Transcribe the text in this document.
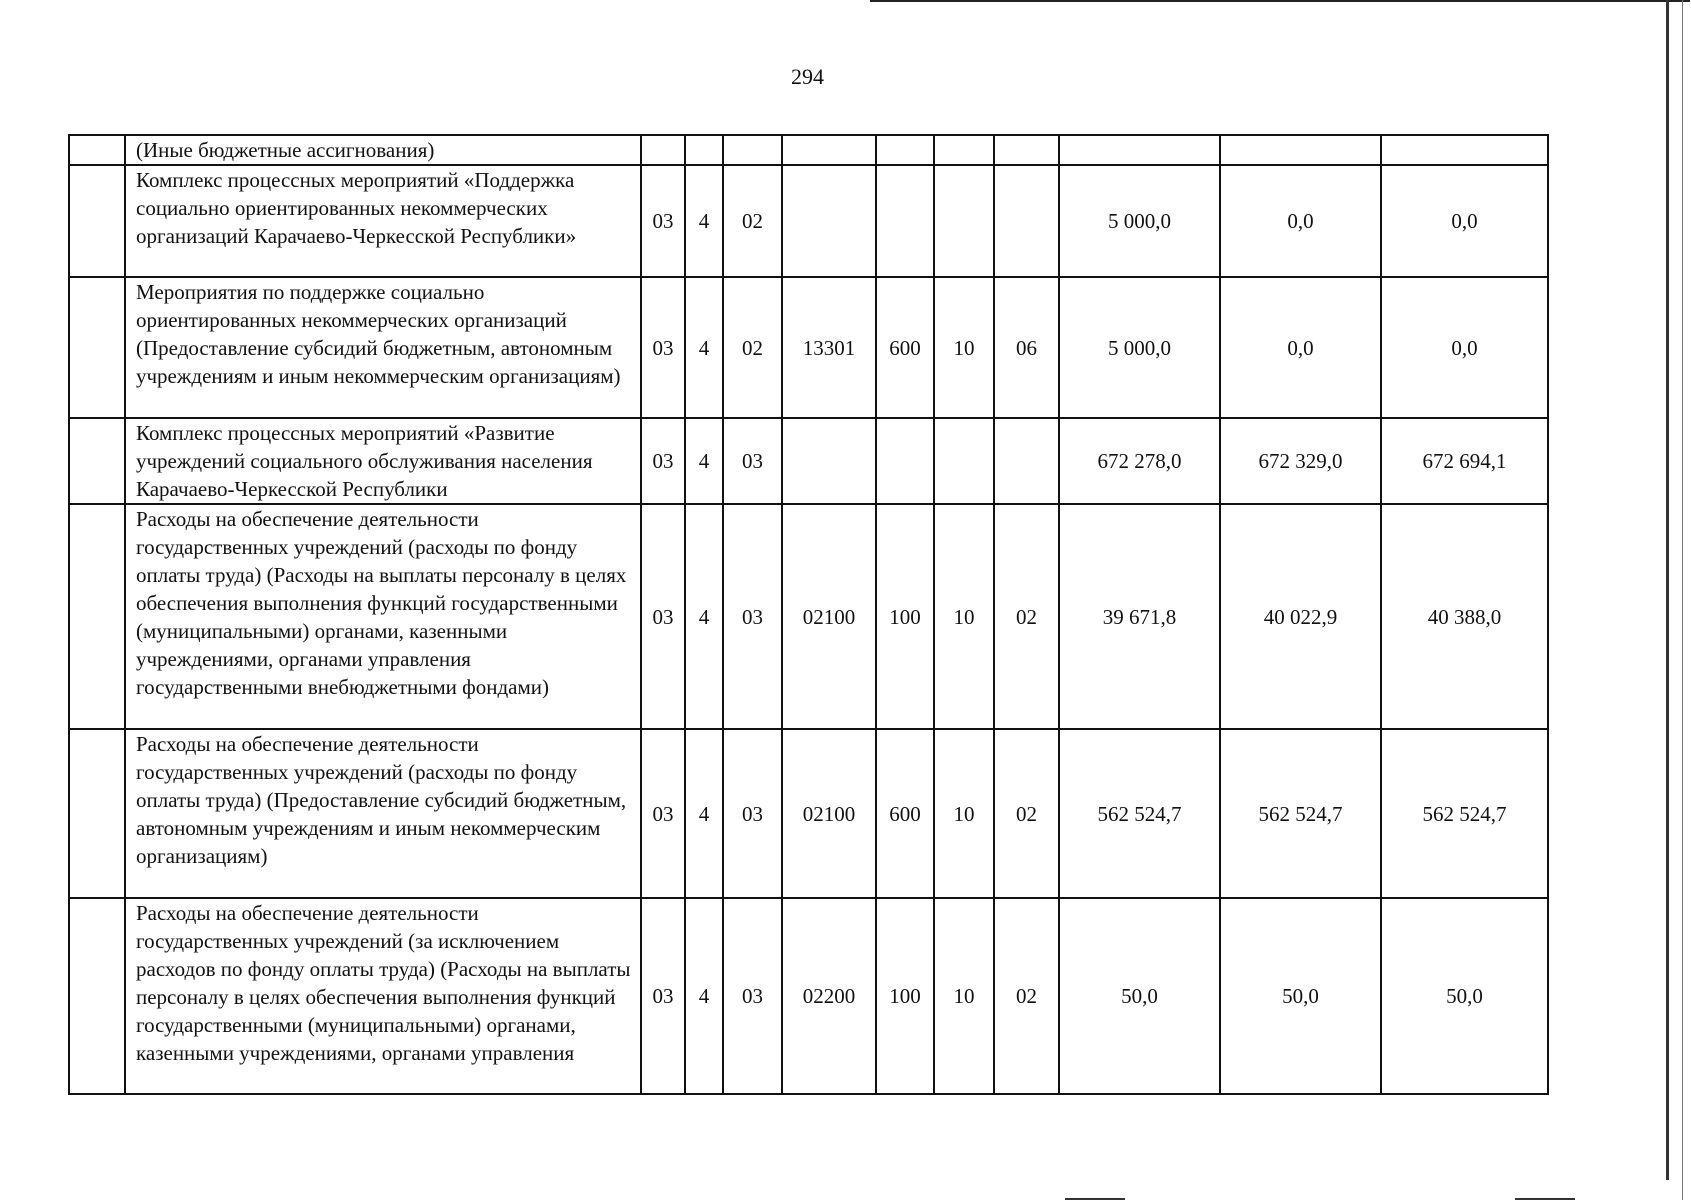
294
	(Иные бюджетные ассигнования)										
	Комплекс процессных мероприятий «Поддержка социально ориентированных некоммерческих организаций Карачаево-Черкесской Республики»	03	4	02					5 000,0	0,0	0,0
	Мероприятия по поддержке социально ориентированных некоммерческих организаций (Предоставление субсидий бюджетным, автономным учреждениям и иным некоммерческим организациям)	03	4	02	13301	600	10	06	5 000,0	0,0	0,0
	Комплекс процессных мероприятий «Развитие учреждений социального обслуживания населения Карачаево-Черкесской Республики	03	4	03					672 278,0	672 329,0	672 694,1
	Расходы на обеспечение деятельности государственных учреждений (расходы по фонду оплаты труда) (Расходы на выплаты персоналу в целях обеспечения выполнения функций государственными (муниципальными) органами, казенными учреждениями, органами управления государственными внебюджетными фондами)	03	4	03	02100	100	10	02	39 671,8	40 022,9	40 388,0
	Расходы на обеспечение деятельности государственных учреждений (расходы по фонду оплаты труда) (Предоставление субсидий бюджетным, автономным учреждениям и иным некоммерческим организациям)	03	4	03	02100	600	10	02	562 524,7	562 524,7	562 524,7
	Расходы на обеспечение деятельности государственных учреждений (за исключением расходов по фонду оплаты труда) (Расходы на выплаты персоналу в целях обеспечения выполнения функций государственными (муниципальными) органами, казенными учреждениями, органами управления	03	4	03	02200	100	10	02	50,0	50,0	50,0
